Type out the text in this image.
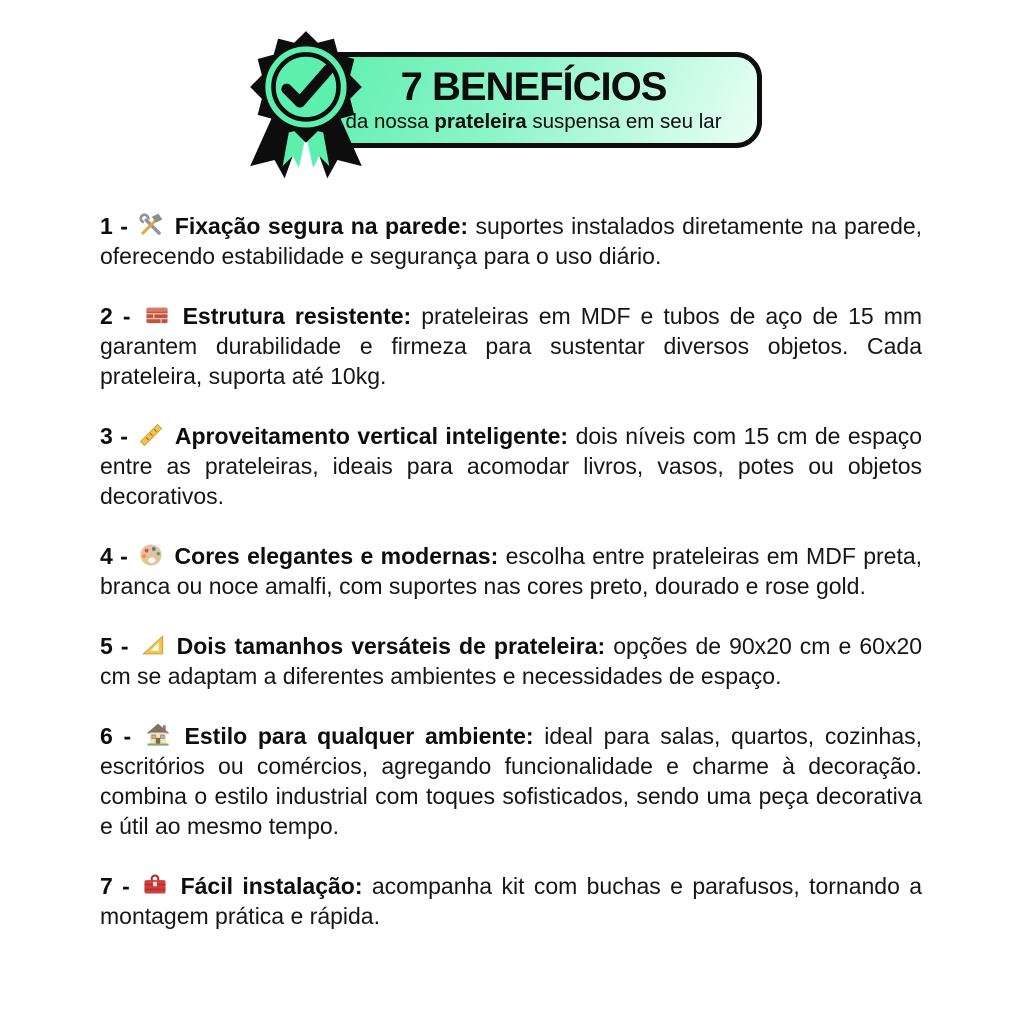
7 BENEFÍCIOS
da nossa prateleira suspensa em seu lar

1 - Fixação segura na parede: suportes instalados diretamente na parede, oferecendo estabilidade e segurança para o uso diário.

2 - Estrutura resistente: prateleiras em MDF e tubos de aço de 15 mm garantem durabilidade e firmeza para sustentar diversos objetos. Cada prateleira, suporta até 10kg.

3 - Aproveitamento vertical inteligente: dois níveis com 15 cm de espaço entre as prateleiras, ideais para acomodar livros, vasos, potes ou objetos decorativos.

4 - Cores elegantes e modernas: escolha entre prateleiras em MDF preta, branca ou noce amalfi, com suportes nas cores preto, dourado e rose gold.

5 - Dois tamanhos versáteis de prateleira: opções de 90x20 cm e 60x20 cm se adaptam a diferentes ambientes e necessidades de espaço.

6 - Estilo para qualquer ambiente: ideal para salas, quartos, cozinhas, escritórios ou comércios, agregando funcionalidade e charme à decoração. combina o estilo industrial com toques sofisticados, sendo uma peça decorativa e útil ao mesmo tempo.

7 - Fácil instalação: acompanha kit com buchas e parafusos, tornando a montagem prática e rápida.
